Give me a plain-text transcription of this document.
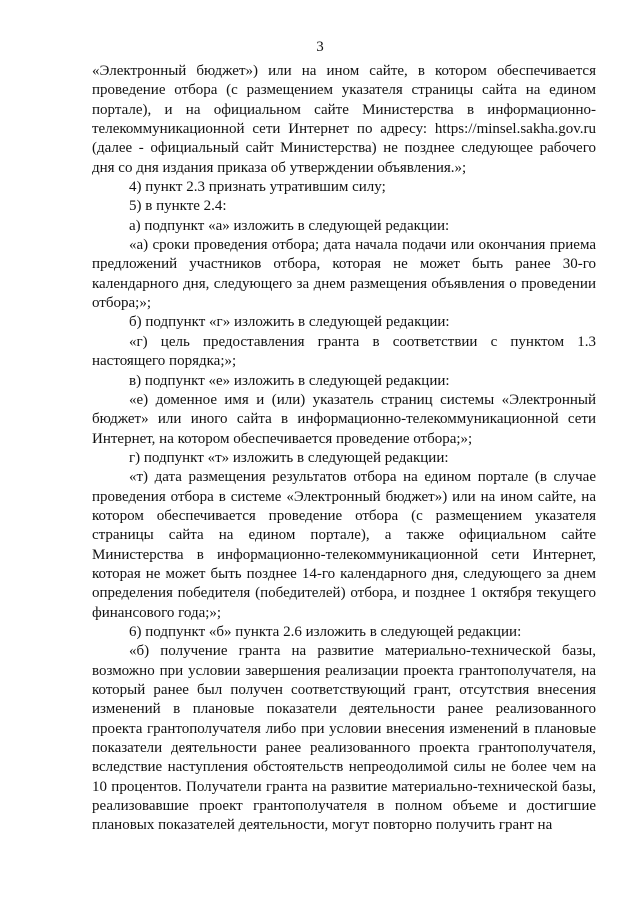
3

«Электронный бюджет») или на ином сайте, в котором обеспечивается проведение отбора (с размещением указателя страницы сайта на едином портале), и на официальном сайте Министерства в информационно-телекоммуникационной сети Интернет по адресу: https://minsel.sakha.gov.ru (далее - официальный сайт Министерства) не позднее следующее рабочего дня со дня издания приказа об утверждении объявления.»;

4) пункт 2.3 признать утратившим силу;

5) в пункте 2.4:

а) подпункт «а» изложить в следующей редакции:

«а) сроки проведения отбора; дата начала подачи или окончания приема предложений участников отбора, которая не может быть ранее 30-го календарного дня, следующего за днем размещения объявления о проведении отбора;»;

б) подпункт «г» изложить в следующей редакции:

«г) цель предоставления гранта в соответствии с пунктом 1.3 настоящего порядка;»;

в) подпункт «е» изложить в следующей редакции:

«е) доменное имя и (или) указатель страниц системы «Электронный бюджет» или иного сайта в информационно-телекоммуникационной сети Интернет, на котором обеспечивается проведение отбора;»;

г) подпункт «т» изложить в следующей редакции:

«т) дата размещения результатов отбора на едином портале (в случае проведения отбора в системе «Электронный бюджет») или на ином сайте, на котором обеспечивается проведение отбора (с размещением указателя страницы сайта на едином портале), а также официальном сайте Министерства в информационно-телекоммуникационной сети Интернет, которая не может быть позднее 14-го календарного дня, следующего за днем определения победителя (победителей) отбора, и позднее 1 октября текущего финансового года;»;

6) подпункт «б» пункта 2.6 изложить в следующей редакции:

«б) получение гранта на развитие материально-технической базы, возможно при условии завершения реализации проекта грантополучателя, на который ранее был получен соответствующий грант, отсутствия внесения изменений в плановые показатели деятельности ранее реализованного проекта грантополучателя либо при условии внесения изменений в плановые показатели деятельности ранее реализованного проекта грантополучателя, вследствие наступления обстоятельств непреодолимой силы не более чем на 10 процентов. Получатели гранта на развитие материально-технической базы, реализовавшие проект грантополучателя в полном объеме и достигшие плановых показателей деятельности, могут повторно получить грант на
